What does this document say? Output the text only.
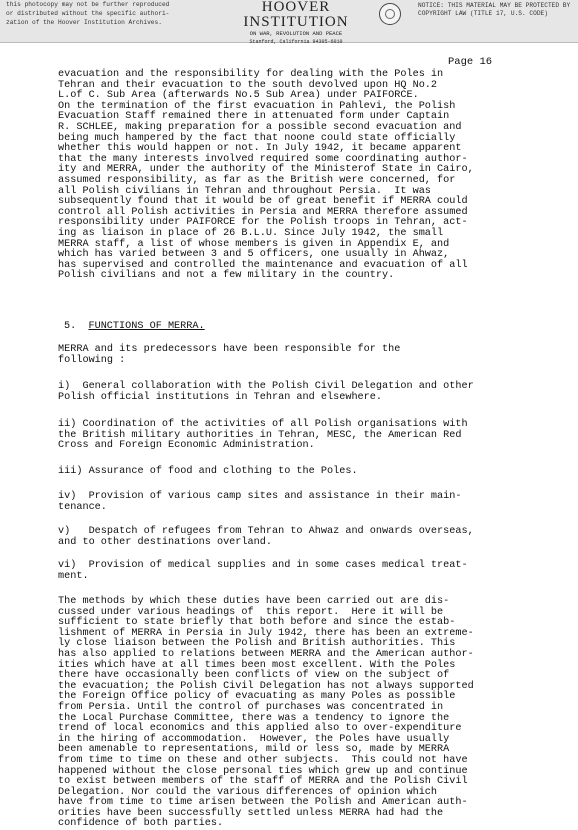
this photocopy may not be further reproduced or distributed without the specific authori- zation of the Hoover Institution Archives.
HOOVER INSTITUTION
ON WAR, REVOLUTION AND PEACE
Stanford, California 94305-6010
NOTICE: THIS MATERIAL MAY BE PROTECTED BY COPYRIGHT LAW (TITLE 17, U.S. CODE)
Page 16

evacuation and the responsibility for dealing with the Poles in
Tehran and their evacuation to the south devolved upon HQ No.2
L.of C. Sub Area (afterwards No.5 Sub Area) under PAIFORCE.
On the termination of the first evacuation in Pahlevi, the Polish
Evacuation Staff remained there in attenuated form under Captain
R. SCHLEE, making preparation for a possible second evacuation and
being much hampered by the fact that noone could state officially
whether this would happen or not. In July 1942, it became apparent
that the many interests involved required some coordinating author-
ity and MERRA, under the authority of the Ministerof State in Cairo,
assumed responsibility, as far as the British were concerned, for
all Polish civilians in Tehran and throughout Persia.  It was
subsequently found that it would be of great benefit if MERRA could
control all Polish activities in Persia and MERRA therefore assumed
responsibility under PAIFORCE for the Polish troops in Tehran, act-
ing as liaison in place of 26 B.L.U. Since July 1942, the small
MERRA staff, a list of whose members is given in Appendix E, and
which has varied between 3 and 5 officers, one usually in Ahwaz,
has supervised and controlled the maintenance and evacuation of all
Polish civilians and not a few military in the country.

5. FUNCTIONS OF MERRA.

MERRA and its predecessors have been responsible for the
following :

i)  General collaboration with the Polish Civil Delegation and other
Polish official institutions in Tehran and elsewhere.

ii) Coordination of the activities of all Polish organisations with
the British military authorities in Tehran, MESC, the American Red
Cross and Foreign Economic Administration.

iii) Assurance of food and clothing to the Poles.

iv)  Provision of various camp sites and assistance in their main-
tenance.

v)   Despatch of refugees from Tehran to Ahwaz and onwards overseas,
and to other destinations overland.

vi)  Provision of medical supplies and in some cases medical treat-
ment.

The methods by which these duties have been carried out are dis-
cussed under various headings of  this report.  Here it will be
sufficient to state briefly that both before and since the estab-
lishment of MERRA in Persia in July 1942, there has been an extreme-
ly close liaison between the Polish and British authorities. This
has also applied to relations between MERRA and the American author-
ities which have at all times been most excellent. With the Poles
there have occasionally been conflicts of view on the subject of
the evacuation; the Polish Civil Delegation has not always supported
the Foreign Office policy of evacuating as many Poles as possible
from Persia. Until the control of purchases was concentrated in
the Local Purchase Committee, there was a tendency to ignore the
trend of local economics and this applied also to over-expenditure
in the hiring of accommodation.  However, the Poles have usually
been amenable to representations, mild or less so, made by MERRA
from time to time on these and other subjects.  This could not have
happened without the close personal ties which grew up and continue
to exist between members of the staff of MERRA and the Polish Civil
Delegation. Nor could the various differences of opinion which
have from time to time arisen between the Polish and American auth-
orities have been successfully settled unless MERRA had had the
confidence of both parties.
